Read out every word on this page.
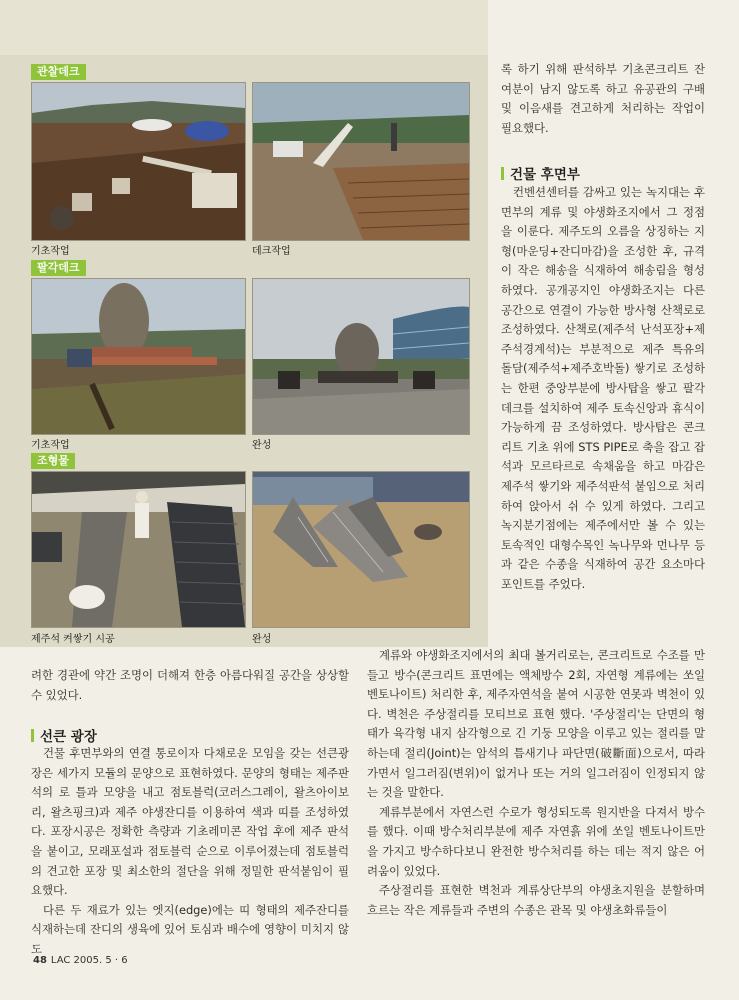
관찰데크
팔각데크
조형물
기초작업	데크작업
기초작업	완성
제주석 켜쌓기 시공	완성

록 하기 위해 판석하부 기초콘크리트 잔여분이 남지 않도록 하고 유공관의 구배 및 이음새를 견고하게 처리하는 작업이 필요했다.

건물 후면부

컨벤션센터를 감싸고 있는 녹지대는 후면부의 계류 및 야생화조지에서 그 정점을 이룬다. 제주도의 오름을 상징하는 지형(마운딩+잔디마감)을 조성한 후, 규격이 작은 해송을 식재하여 해송림을 형성하였다. 공개공지인 야생화조지는 다른 공간으로 연결이 가능한 방사형 산책로로 조성하였다. 산책로(제주석 난석포장+제주석경계석)는 부분적으로 제주 특유의 돌담(제주석+제주호박돌) 쌓기로 조성하는 한편 중앙부분에 방사탑을 쌓고 팔각데크를 설치하여 제주 토속신앙과 휴식이 가능하게 끔 조성하였다. 방사탑은 콘크리트 기초 위에 STS PIPE로 축을 잡고 잡석과 모르타르로 속채움을 하고 마감은 제주석 쌓기와 제주석판석 붙임으로 처리하여 앉아서 쉬 수 있게 하였다. 그리고 녹지분기점에는 제주에서만 볼 수 있는 토속적인 대형수목인 녹나무와 먼나무 등과 같은 수종을 식재하여 공간 요소마다 포인트를 주었다.

려한 경관에 약간 조명이 더해져 한층 아름다워질 공간을 상상할 수 있었다.

선큰 광장

건물 후면부와의 연결 통로이자 다채로운 모임을 갖는 선큰광장은 세가지 모듈의 문양으로 표현하였다. 문양의 형태는 제주판석의 로 틀과 모양을 내고 점토블럭(코러스그레이, 왈츠아이보리, 왈츠핑크)과 제주 야생잔디를 이용하여 색과 띠를 조성하였다. 포장시공은 정확한 측량과 기초레미콘 작업 후에 제주 판석을 붙이고, 모래포설과 점토블럭 순으로 이루어졌는데 점토블럭의 견고한 포장 및 최소한의 절단을 위해 정밀한 판석붙임이 필요했다.

다른 두 재료가 있는 엣지(edge)에는 띠 형태의 제주잔디를 식재하는데 잔디의 생육에 있어 토심과 배수에 영향이 미치지 않도

계류와 야생화조지에서의 최대 볼거리로는, 콘크리트로 수조를 만들고 방수(콘크리트 표면에는 액체방수 2회, 자연형 계류에는 쏘일 벤토나이트) 처리한 후, 제주자연석을 붙여 시공한 연못과 벽천이 있다. 벽천은 주상절리를 모티브로 표현 했다. '주상절리'는 단면의 형태가 육각형 내지 삼각형으로 긴 기둥 모양을 이루고 있는 절리를 말하는데 절리(Joint)는 암석의 틈새기나 파단면(破斷面)으로서, 따라가면서 일그러짐(변위)이 없거나 또는 거의 일그러짐이 인정되지 않는 것을 말한다.

계류부분에서 자연스런 수로가 형성되도록 원지반을 다져서 방수를 했다. 이때 방수처리부분에 제주 자연흙 위에 쏘일 벤토나이트만을 가지고 방수하다보니 완전한 방수처리를 하는 데는 적지 않은 어려움이 있었다.

주상절리를 표현한 벽천과 계류상단부의 야생초지원을 분할하며 흐르는 작은 계류들과 주변의 수종은 관목 및 야생초화류들이

48 LAC 2005. 5 · 6
